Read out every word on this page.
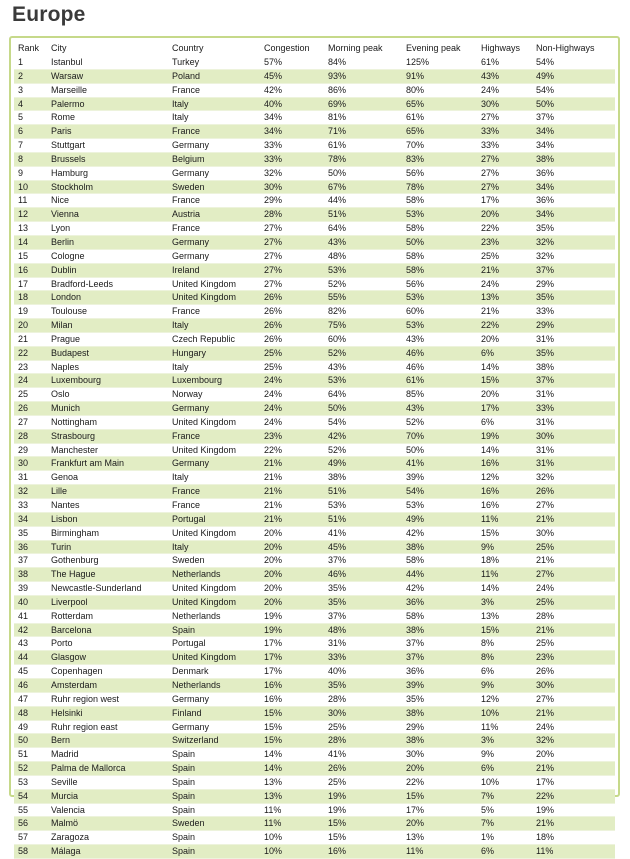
Europe
Rank	City	Country	Congestion	Morning peak	Evening peak	Highways	Non-Highways
1	Istanbul	Turkey	57%	84%	125%	61%	54%
2	Warsaw	Poland	45%	93%	91%	43%	49%
3	Marseille	France	42%	86%	80%	24%	54%
4	Palermo	Italy	40%	69%	65%	30%	50%
5	Rome	Italy	34%	81%	61%	27%	37%
6	Paris	France	34%	71%	65%	33%	34%
7	Stuttgart	Germany	33%	61%	70%	33%	34%
8	Brussels	Belgium	33%	78%	83%	27%	38%
9	Hamburg	Germany	32%	50%	56%	27%	36%
10	Stockholm	Sweden	30%	67%	78%	27%	34%
11	Nice	France	29%	44%	58%	17%	36%
12	Vienna	Austria	28%	51%	53%	20%	34%
13	Lyon	France	27%	64%	58%	22%	35%
14	Berlin	Germany	27%	43%	50%	23%	32%
15	Cologne	Germany	27%	48%	58%	25%	32%
16	Dublin	Ireland	27%	53%	58%	21%	37%
17	Bradford-Leeds	United Kingdom	27%	52%	56%	24%	29%
18	London	United Kingdom	26%	55%	53%	13%	35%
19	Toulouse	France	26%	82%	60%	21%	33%
20	Milan	Italy	26%	75%	53%	22%	29%
21	Prague	Czech Republic	26%	60%	43%	20%	31%
22	Budapest	Hungary	25%	52%	46%	6%	35%
23	Naples	Italy	25%	43%	46%	14%	38%
24	Luxembourg	Luxembourg	24%	53%	61%	15%	37%
25	Oslo	Norway	24%	64%	85%	20%	31%
26	Munich	Germany	24%	50%	43%	17%	33%
27	Nottingham	United Kingdom	24%	54%	52%	6%	31%
28	Strasbourg	France	23%	42%	70%	19%	30%
29	Manchester	United Kingdom	22%	52%	50%	14%	31%
30	Frankfurt am Main	Germany	21%	49%	41%	16%	31%
31	Genoa	Italy	21%	38%	39%	12%	32%
32	Lille	France	21%	51%	54%	16%	26%
33	Nantes	France	21%	53%	53%	16%	27%
34	Lisbon	Portugal	21%	51%	49%	11%	21%
35	Birmingham	United Kingdom	20%	41%	42%	15%	30%
36	Turin	Italy	20%	45%	38%	9%	25%
37	Gothenburg	Sweden	20%	37%	58%	18%	21%
38	The Hague	Netherlands	20%	46%	44%	11%	27%
39	Newcastle-Sunderland	United Kingdom	20%	35%	42%	14%	24%
40	Liverpool	United Kingdom	20%	35%	36%	3%	25%
41	Rotterdam	Netherlands	19%	37%	58%	13%	28%
42	Barcelona	Spain	19%	48%	38%	15%	21%
43	Porto	Portugal	17%	31%	37%	8%	25%
44	Glasgow	United Kingdom	17%	33%	37%	8%	23%
45	Copenhagen	Denmark	17%	40%	36%	6%	26%
46	Amsterdam	Netherlands	16%	35%	39%	9%	30%
47	Ruhr region west	Germany	16%	28%	35%	12%	27%
48	Helsinki	Finland	15%	30%	38%	10%	21%
49	Ruhr region east	Germany	15%	25%	29%	11%	24%
50	Bern	Switzerland	15%	28%	38%	3%	32%
51	Madrid	Spain	14%	41%	30%	9%	20%
52	Palma de Mallorca	Spain	14%	26%	20%	6%	21%
53	Seville	Spain	13%	25%	22%	10%	17%
54	Murcia	Spain	13%	19%	15%	7%	22%
55	Valencia	Spain	11%	19%	17%	5%	19%
56	Malmö	Sweden	11%	15%	20%	7%	21%
57	Zaragoza	Spain	10%	15%	13%	1%	18%
58	Málaga	Spain	10%	16%	11%	6%	11%
